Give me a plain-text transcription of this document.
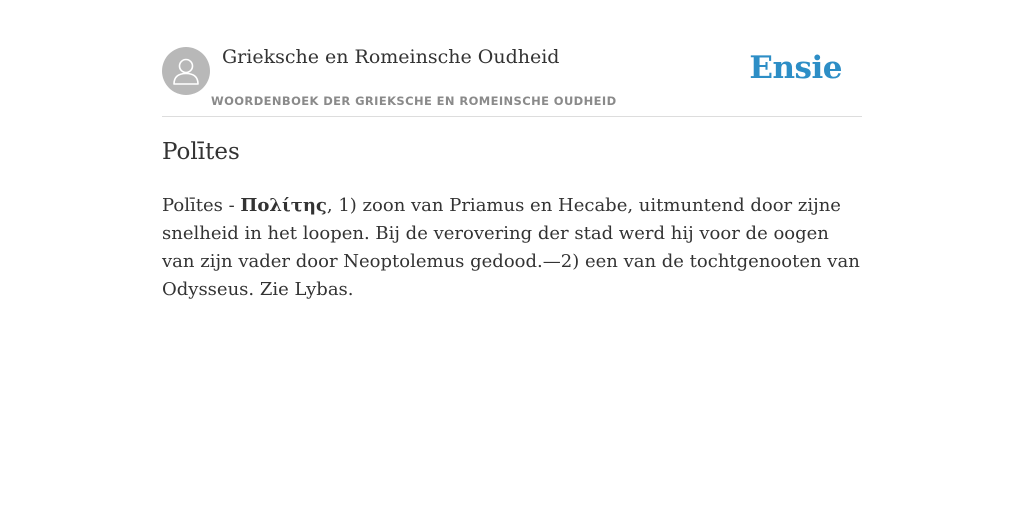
Grieksche en Romeinsche Oudheid
WOORDENBOEK DER GRIEKSCHE EN ROMEINSCHE OUDHEID
Ensie
Polītes

Polītes - Πολίτης, 1) zoon van Priamus en Hecabe, uitmuntend door zijne snelheid in het loopen. Bij de verovering der stad werd hij voor de oogen van zijn vader door Neoptolemus gedood.—2) een van de tochtgenooten van Odysseus. Zie Lybas.
